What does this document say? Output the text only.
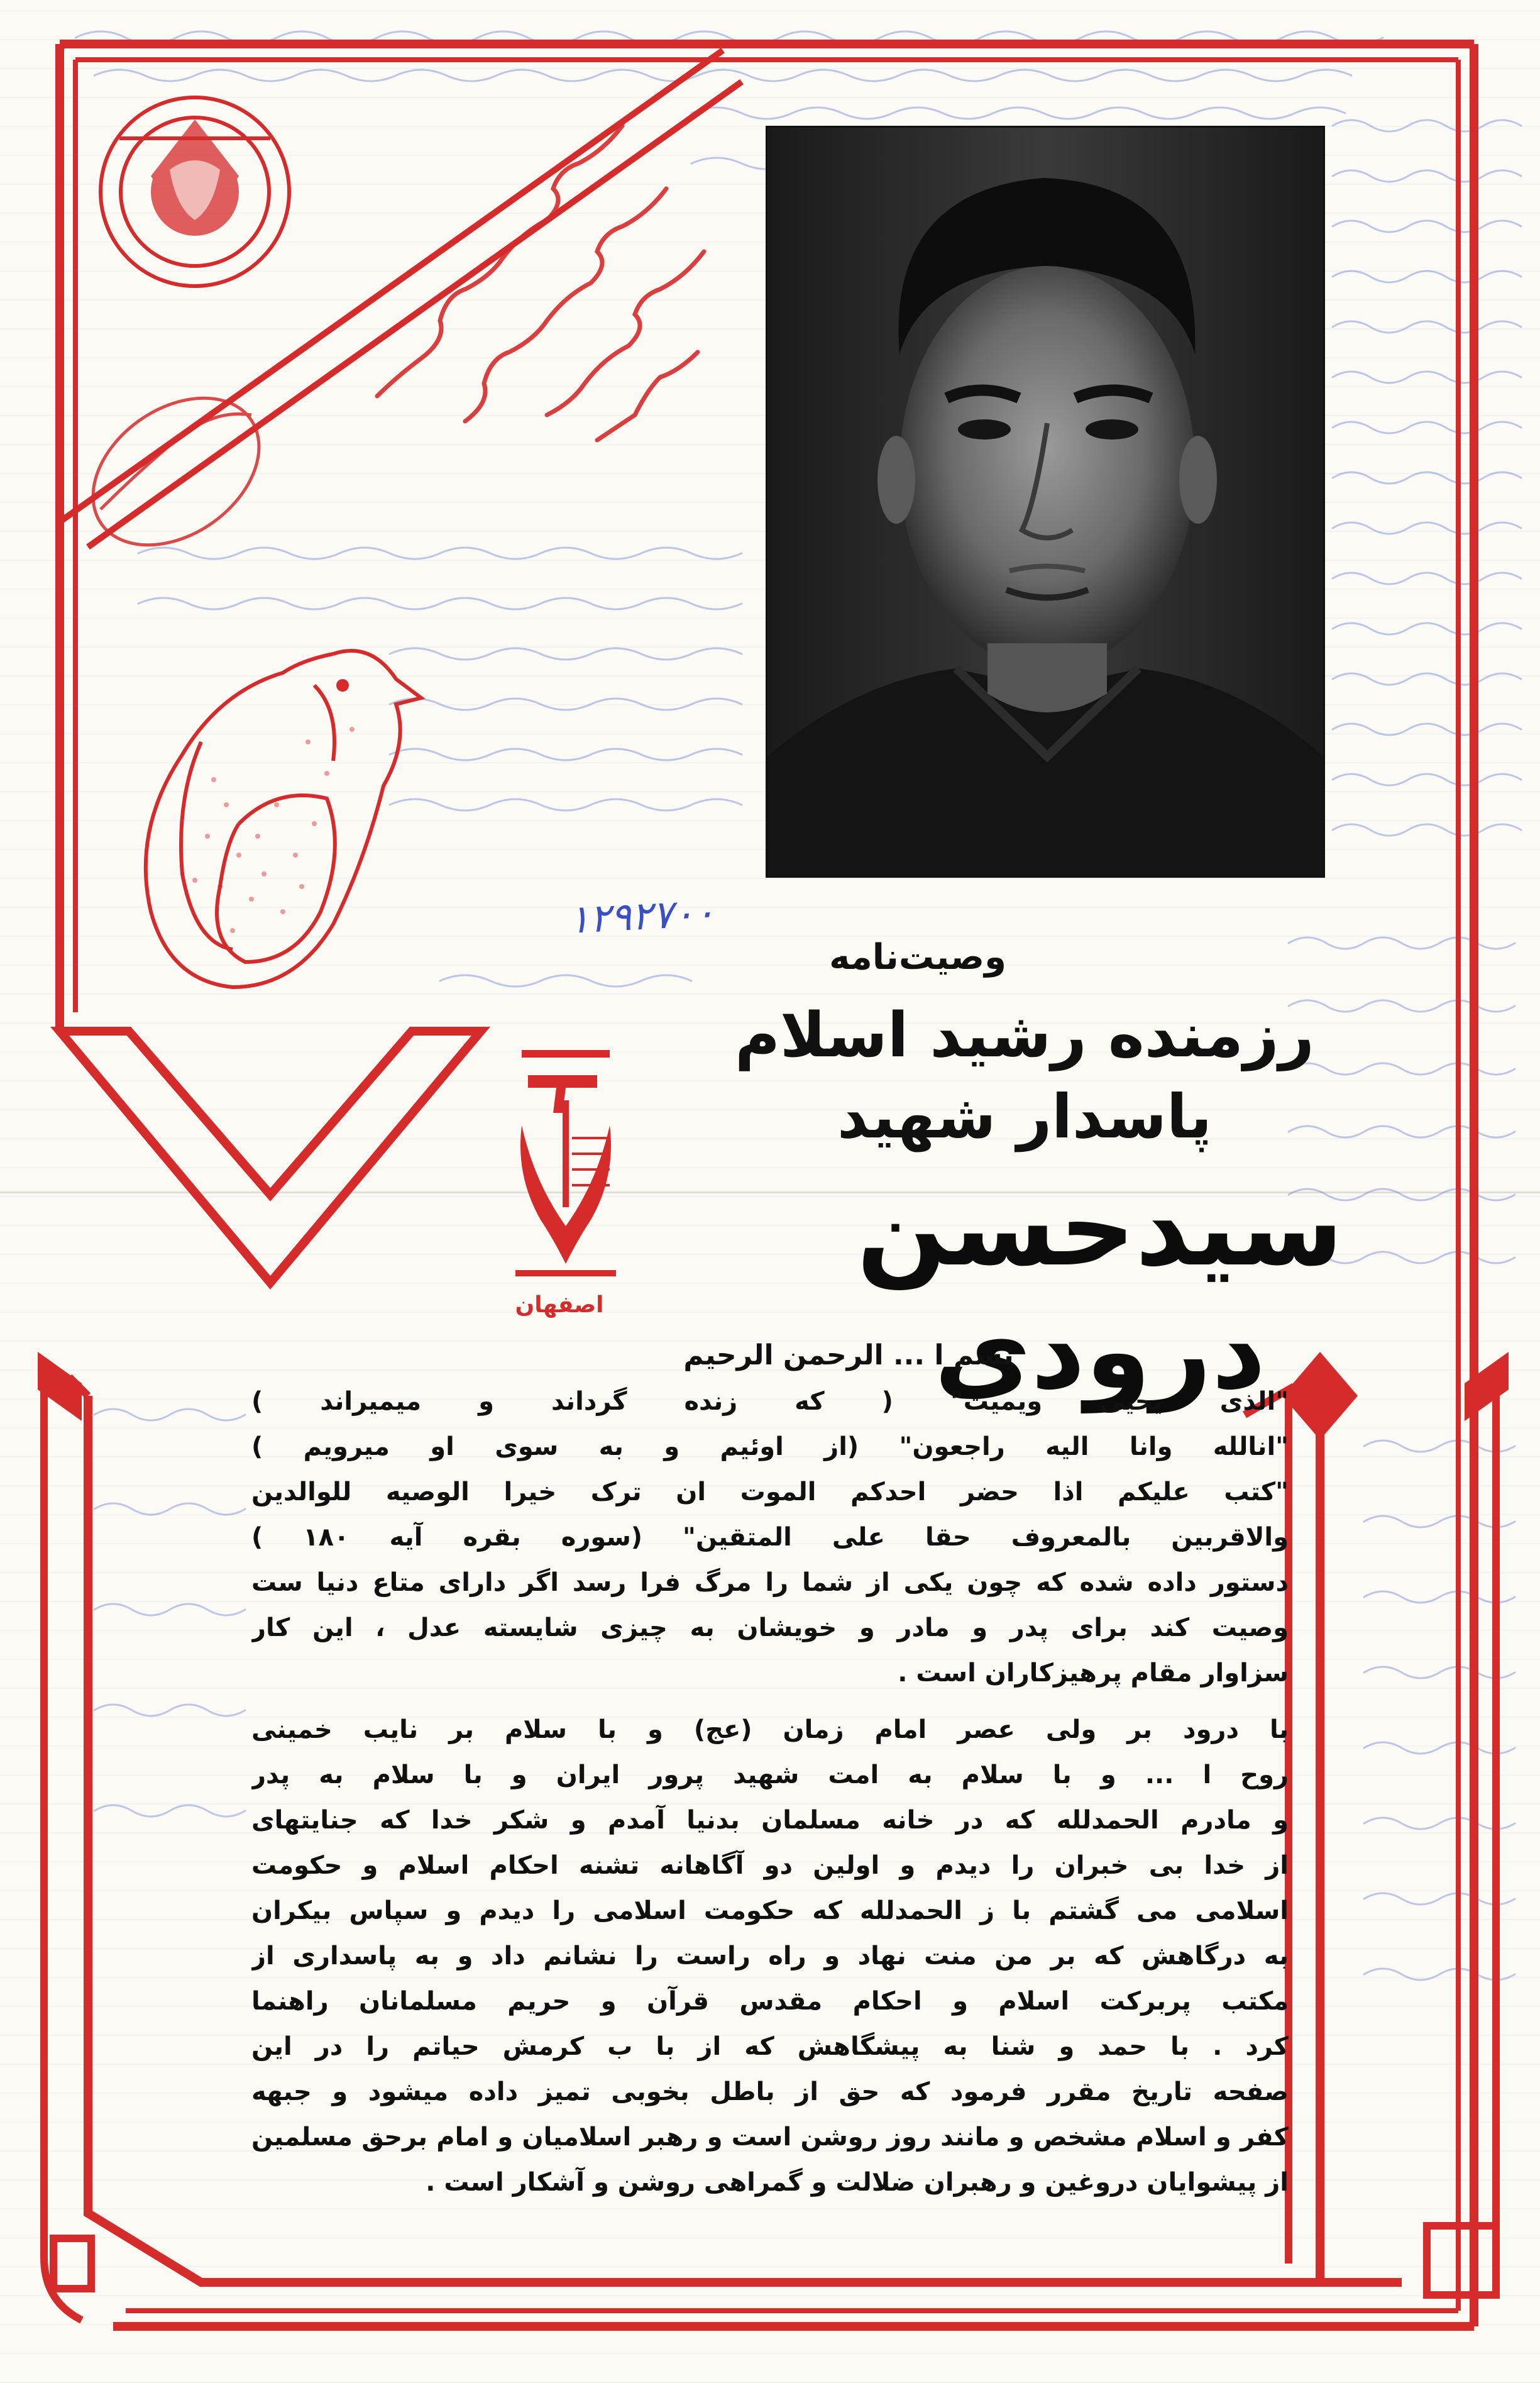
اصفهان
۱۲۹۲۷۰۰
وصیت‌نامه
رزمنده رشید اسلام
پاسدار شهید
سیدحسن درودی
بسم ا ... الرحمن الرحیم
"الذی یحیی ویمیت" ( که زنده گرداند و میمیراند )
"انالله وانا الیه راجعون" (از اوئیم و به سوی او میرویم )
"کتب علیکم اذا حضر احدکم الموت ان ترک خیرا الوصیه للوالدین
والاقربین بالمعروف حقا علی المتقین" (سوره بقره آیه ۱۸۰ )
دستور داده شده که چون یکی از شما را مرگ فرا رسد اگر دارای متاع دنیا ست
وصیت کند برای پدر و مادر و خویشان به چیزی شایسته عدل ، این کار
سزاوار مقام پرهیزکاران است .
با درود بر ولی عصر امام زمان (عج) و با سلام بر نایب خمینی
روح ا ... و با سلام به امت شهید پرور ایران و با سلام به پدر
و مادرم الحمدلله که در خانه مسلمان بدنیا آمدم و شکر خدا که جنایتهای
از خدا بی خبران را دیدم و اولین دو آگاهانه تشنه احکام اسلام و حکومت
اسلامی می گشتم با ز الحمدلله که حکومت اسلامی را دیدم و سپاس بیکران
به درگاهش که بر من منت نهاد و راه راست را نشانم داد و به پاسداری از
مکتب پربرکت اسلام و احکام مقدس قرآن و حریم مسلمانان راهنما
کرد . با حمد و شنا به پیشگاهش که از با ب کرمش حیاتم را در این
صفحه تاریخ مقرر فرمود که حق از باطل بخوبی تمیز داده میشود و جبهه
کفر و اسلام مشخص و مانند روز روشن است و رهبر اسلامیان و امام برحق مسلمین
از پیشوایان دروغین و رهبران ضلالت و گمراهی روشن و آشکار است .
